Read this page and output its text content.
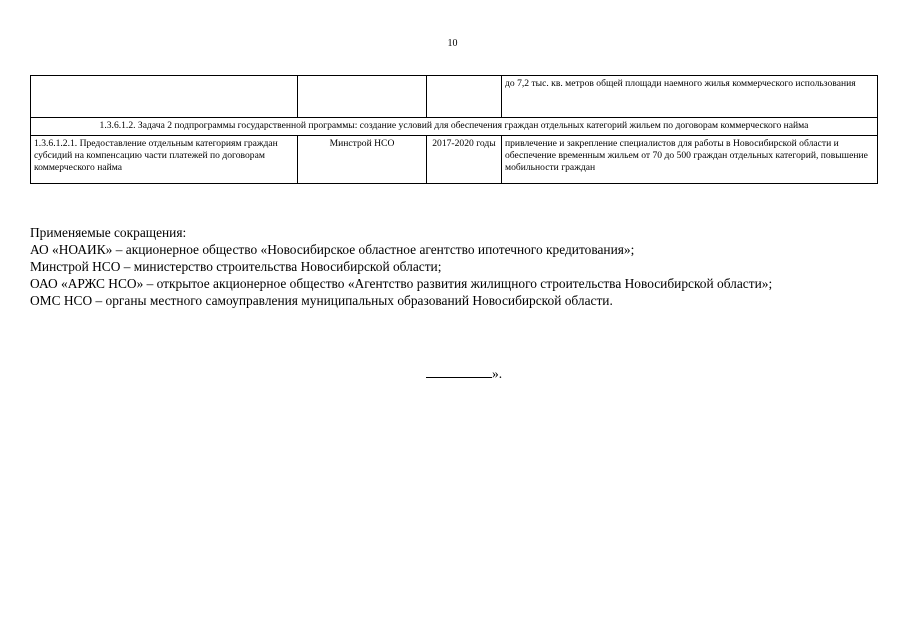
10
			до 7,2 тыс. кв. метров общей площади наемного жилья коммерческого использования
1.3.6.1.2. Задача 2 подпрограммы государственной программы: создание условий для обеспечения граждан отдельных категорий жильем по договорам коммерческого найма			
1.3.6.1.2.1. Предоставление отдельным категориям граждан субсидий на компенсацию части платежей по договорам коммерческого найма	Минстрой НСО	2017-2020 годы	привлечение и закрепление специалистов для работы в Новосибирской области и обеспечение временным жильем от 70 до 500 граждан отдельных категорий, повышение мобильности граждан
Применяемые сокращения:
АО «НОАИК» – акционерное общество «Новосибирское областное агентство ипотечного кредитования»;
Минстрой НСО – министерство строительства Новосибирской области;
ОАО «АРЖС НСО» – открытое акционерное общество «Агентство развития жилищного строительства Новосибирской области»;
ОМС НСО – органы местного самоуправления муниципальных образований Новосибирской области.
».
